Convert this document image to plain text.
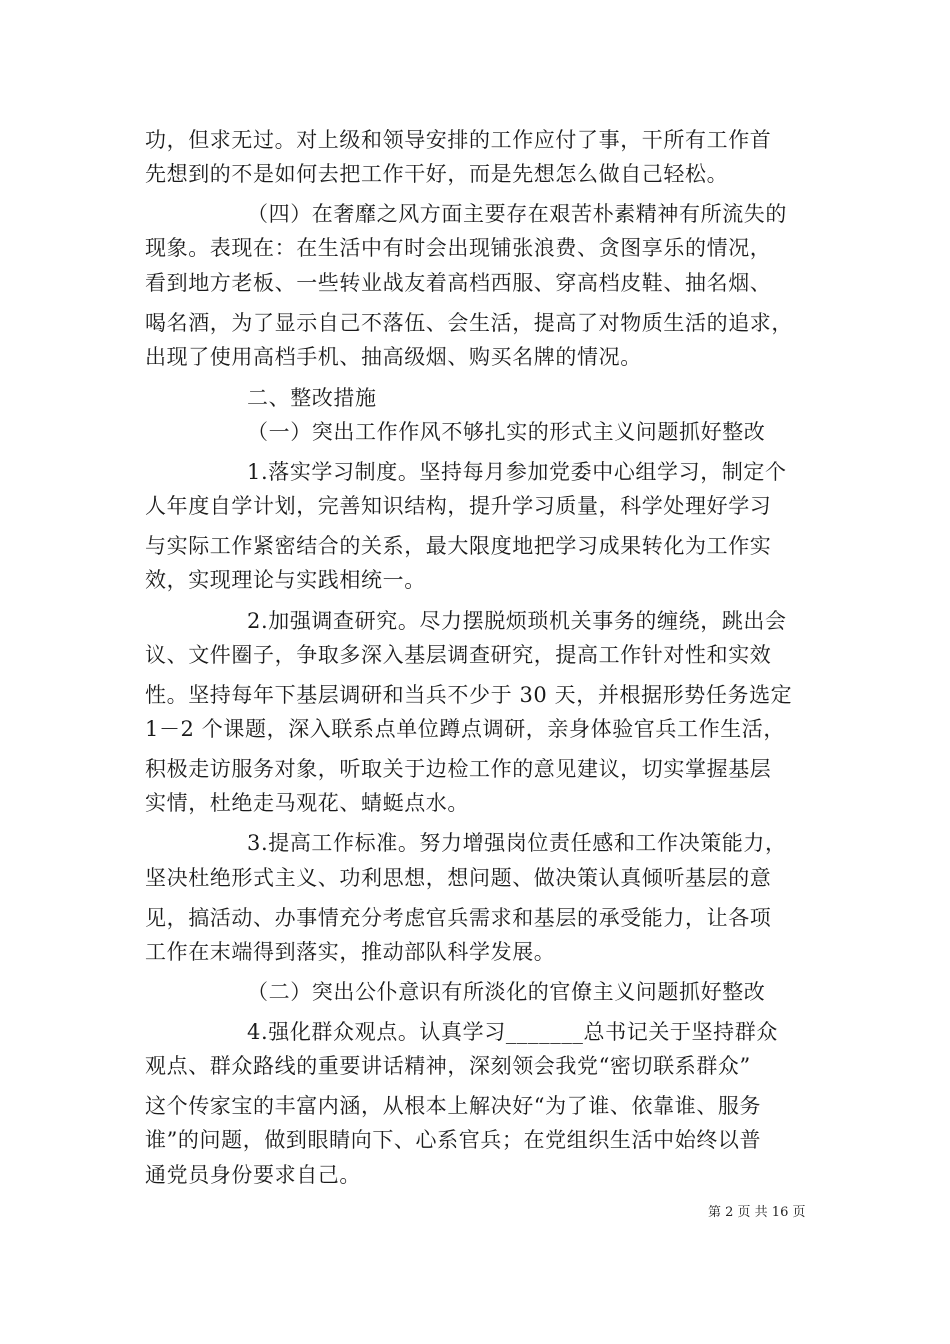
功，但求无过。对上级和领导安排的工作应付了事，干所有工作首
先想到的不是如何去把工作干好，而是先想怎么做自己轻松。
（四）在奢靡之风方面主要存在艰苦朴素精神有所流失的
现象。表现在：在生活中有时会出现铺张浪费、贪图享乐的情况，
看到地方老板、一些转业战友着高档西服、穿高档皮鞋、抽名烟、
喝名酒，为了显示自己不落伍、会生活，提高了对物质生活的追求，
出现了使用高档手机、抽高级烟、购买名牌的情况。
二、整改措施
（一）突出工作作风不够扎实的形式主义问题抓好整改
1.落实学习制度。坚持每月参加党委中心组学习，制定个
人年度自学计划，完善知识结构，提升学习质量，科学处理好学习
与实际工作紧密结合的关系，最大限度地把学习成果转化为工作实
效，实现理论与实践相统一。
2.加强调查研究。尽力摆脱烦琐机关事务的缠绕，跳出会
议、文件圈子，争取多深入基层调查研究，提高工作针对性和实效
性。坚持每年下基层调研和当兵不少于 30 天，并根据形势任务选定
1－2 个课题，深入联系点单位蹲点调研，亲身体验官兵工作生活，
积极走访服务对象，听取关于边检工作的意见建议，切实掌握基层
实情，杜绝走马观花、蜻蜓点水。
3.提高工作标准。努力增强岗位责任感和工作决策能力，
坚决杜绝形式主义、功利思想，想问题、做决策认真倾听基层的意
见，搞活动、办事情充分考虑官兵需求和基层的承受能力，让各项
工作在末端得到落实，推动部队科学发展。
（二）突出公仆意识有所淡化的官僚主义问题抓好整改
4.强化群众观点。认真学习_______总书记关于坚持群众
观点、群众路线的重要讲话精神，深刻领会我党“密切联系群众”
这个传家宝的丰富内涵，从根本上解决好“为了谁、依靠谁、服务
谁”的问题，做到眼睛向下、心系官兵；在党组织生活中始终以普
通党员身份要求自己。
第 2 页 共 16 页
